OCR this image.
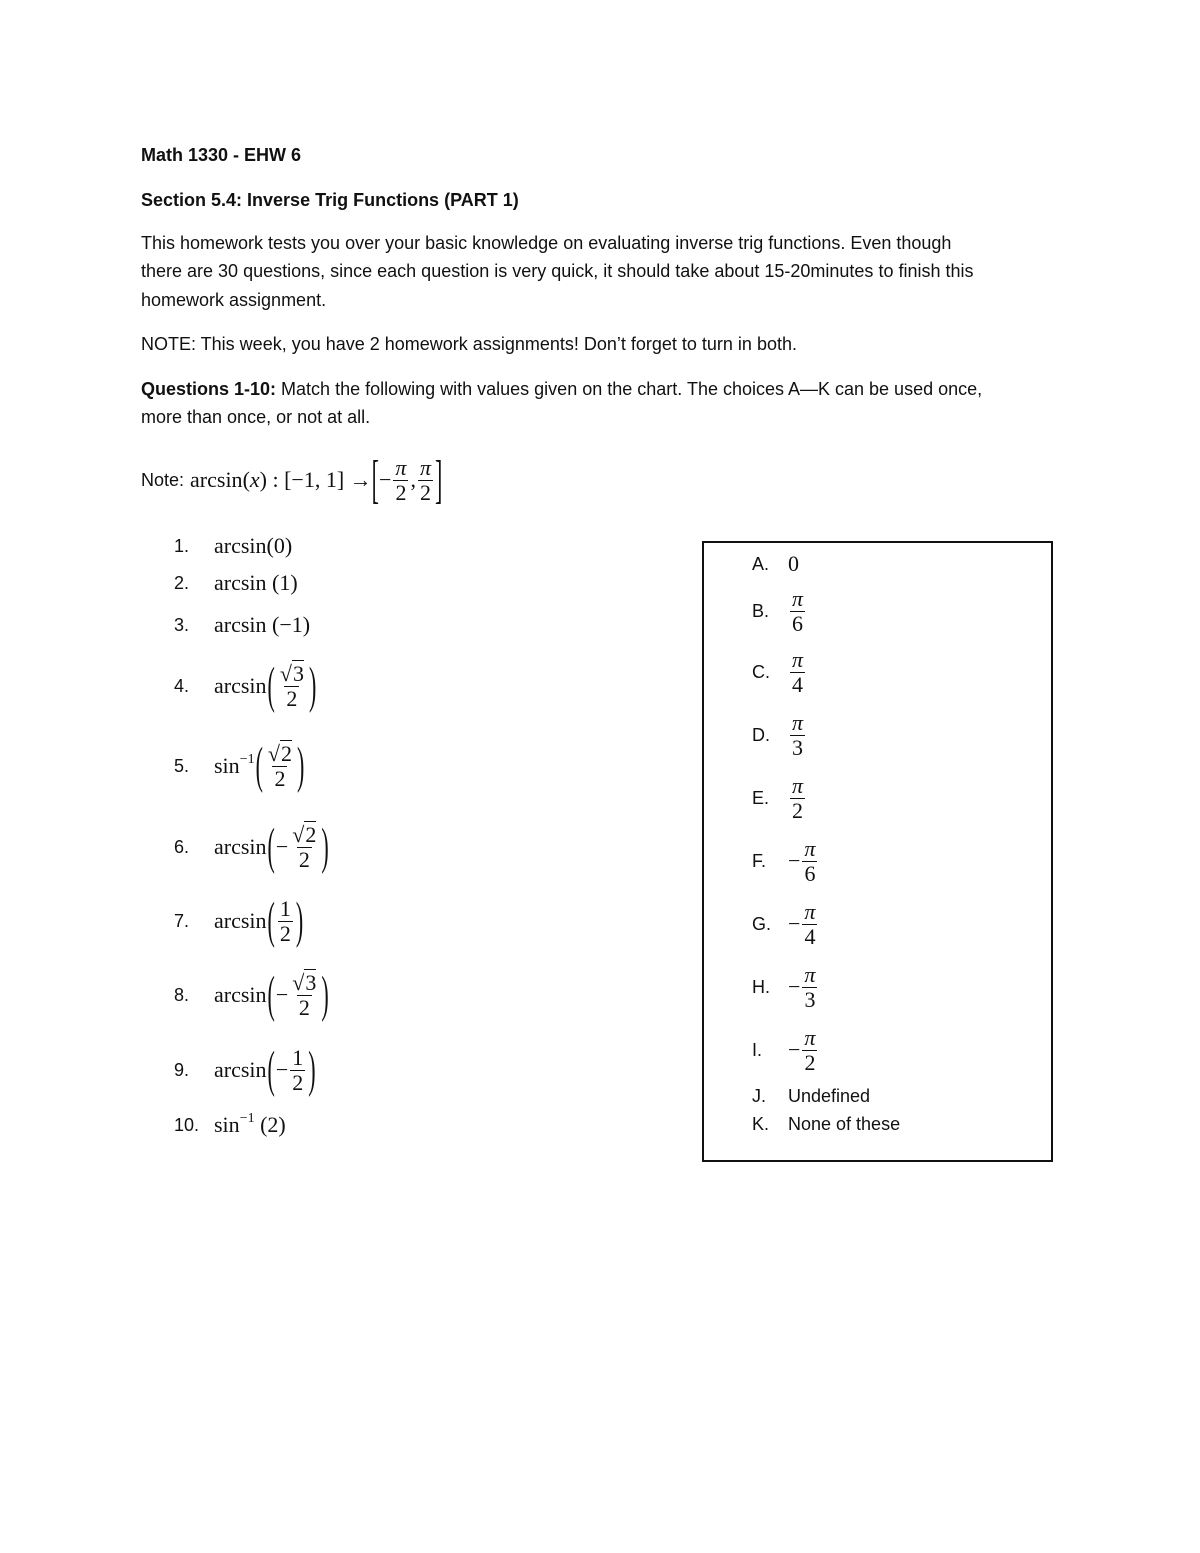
Math 1330 - EHW 6
Section 5.4: Inverse Trig Functions (PART 1)
This homework tests you over your basic knowledge on evaluating inverse trig functions. Even though
there are 30 questions, since each question is very quick, it should take about 15-20minutes to finish this
homework assignment.
NOTE: This week, you have 2 homework assignments! Don’t forget to turn in both.
Questions 1-10: Match the following with values given on the chart. The choices A—K can be used once,
more than once, or not at all.
Note: arcsin ( x ) : [ − 1, 1] → [ − $\frac{\pi}{2}$ , $\frac{\pi}{2}$ ]
1.	arcsin ( 0 )
2.	arcsin ( 1 )
3.	arcsin ( −1 )
4.	arcsin ( $\frac{√3}{2}$ )
5.	sin −1 ( $\frac{√2}{2}$ )
6.	arcsin ( − $\frac{√2}{2}$ )
7.	arcsin ( $\frac{1}{2}$ )
8.	arcsin ( − $\frac{√3}{2}$ )
9.	arcsin ( − $\frac{1}{2}$ )
10. sin −1 ( 2 )
A. 0
B. $\frac{\pi}{6}$
C. $\frac{\pi}{4}$
D. $\frac{\pi}{3}$
E. $\frac{\pi}{2}$
F. − $\frac{\pi}{6}$
G. − $\frac{\pi}{4}$
H. − $\frac{\pi}{3}$
I.	− $\frac{\pi}{2}$
J.	Undefined
K.	None of these
